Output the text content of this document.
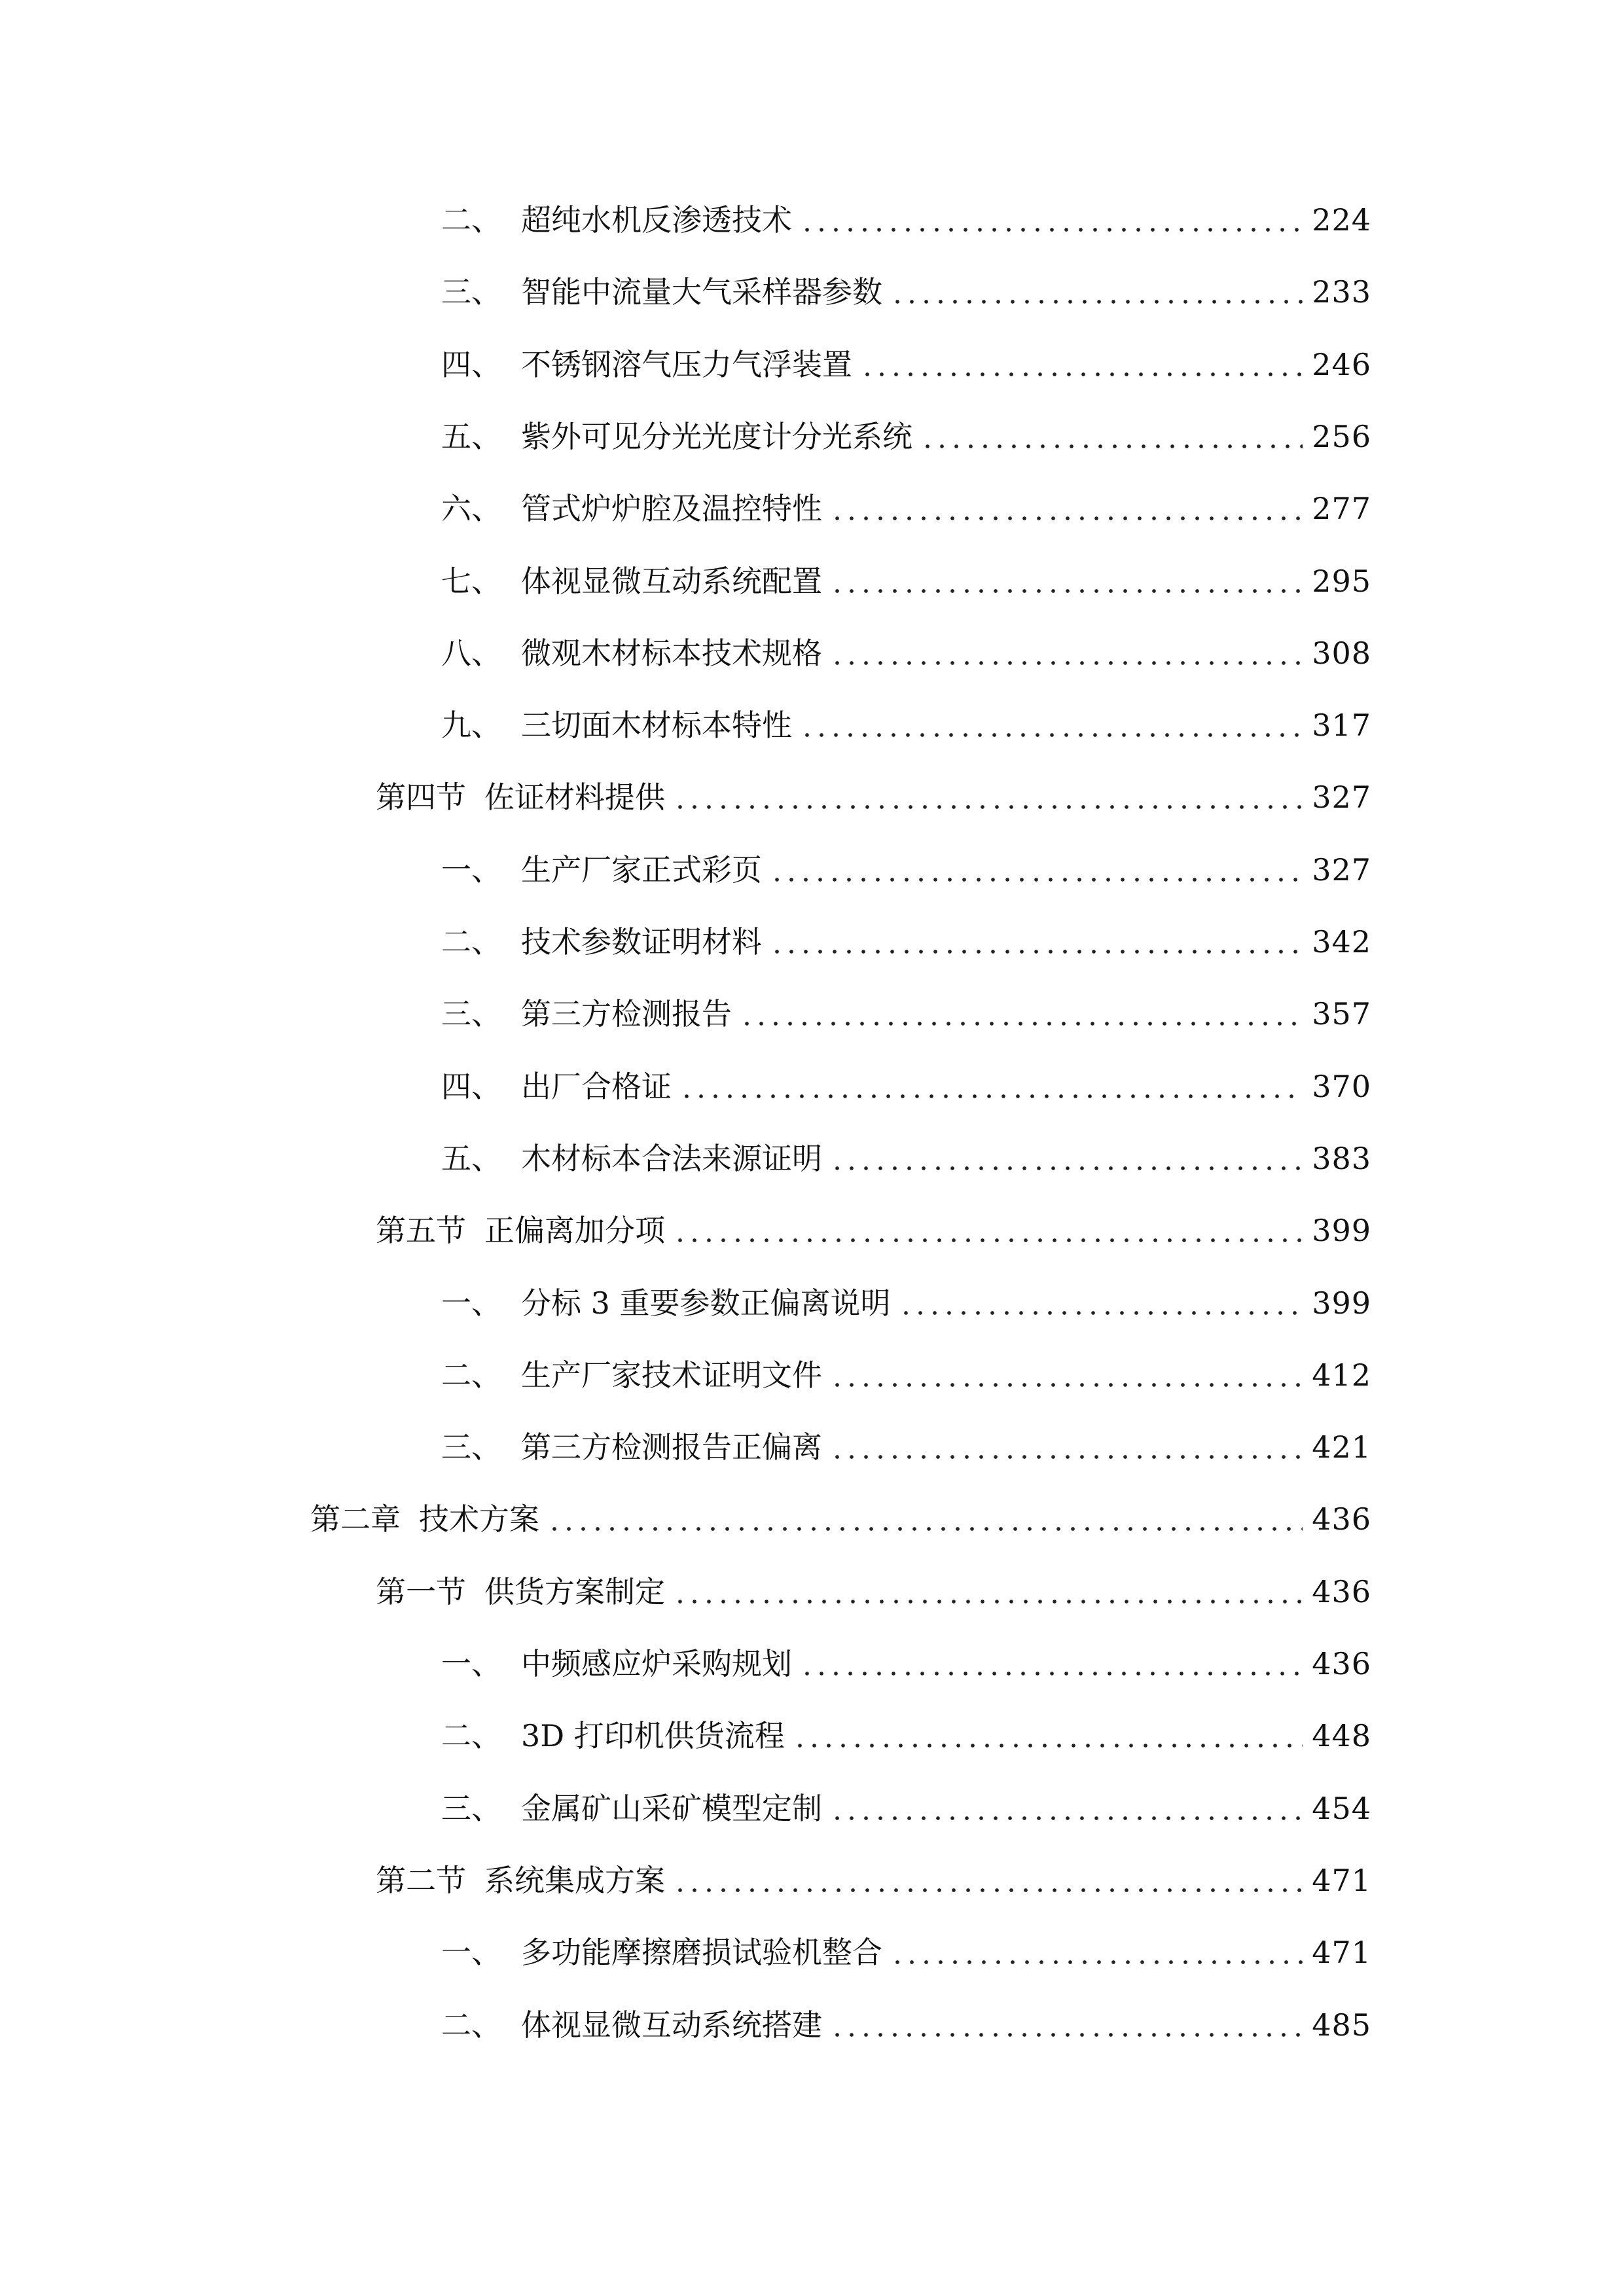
二、 超纯水机反渗透技术	224
三、 智能中流量大气采样器参数	233
四、 不锈钢溶气压力气浮装置	246
五、 紫外可见分光光度计分光系统	256
六、 管式炉炉腔及温控特性	277
七、 体视显微互动系统配置	295
八、 微观木材标本技术规格	308
九、 三切面木材标本特性	317
第四节 佐证材料提供	327
一、 生产厂家正式彩页	327
二、 技术参数证明材料	342
三、 第三方检测报告	357
四、 出厂合格证	370
五、 木材标本合法来源证明	383
第五节 正偏离加分项	399
一、 分标 3 重要参数正偏离说明	399
二、 生产厂家技术证明文件	412
三、 第三方检测报告正偏离	421
第二章 技术方案	436
第一节 供货方案制定	436
一、 中频感应炉采购规划	436
二、 3D 打印机供货流程	448
三、 金属矿山采矿模型定制	454
第二节 系统集成方案	471
一、 多功能摩擦磨损试验机整合	471
二、 体视显微互动系统搭建	485
